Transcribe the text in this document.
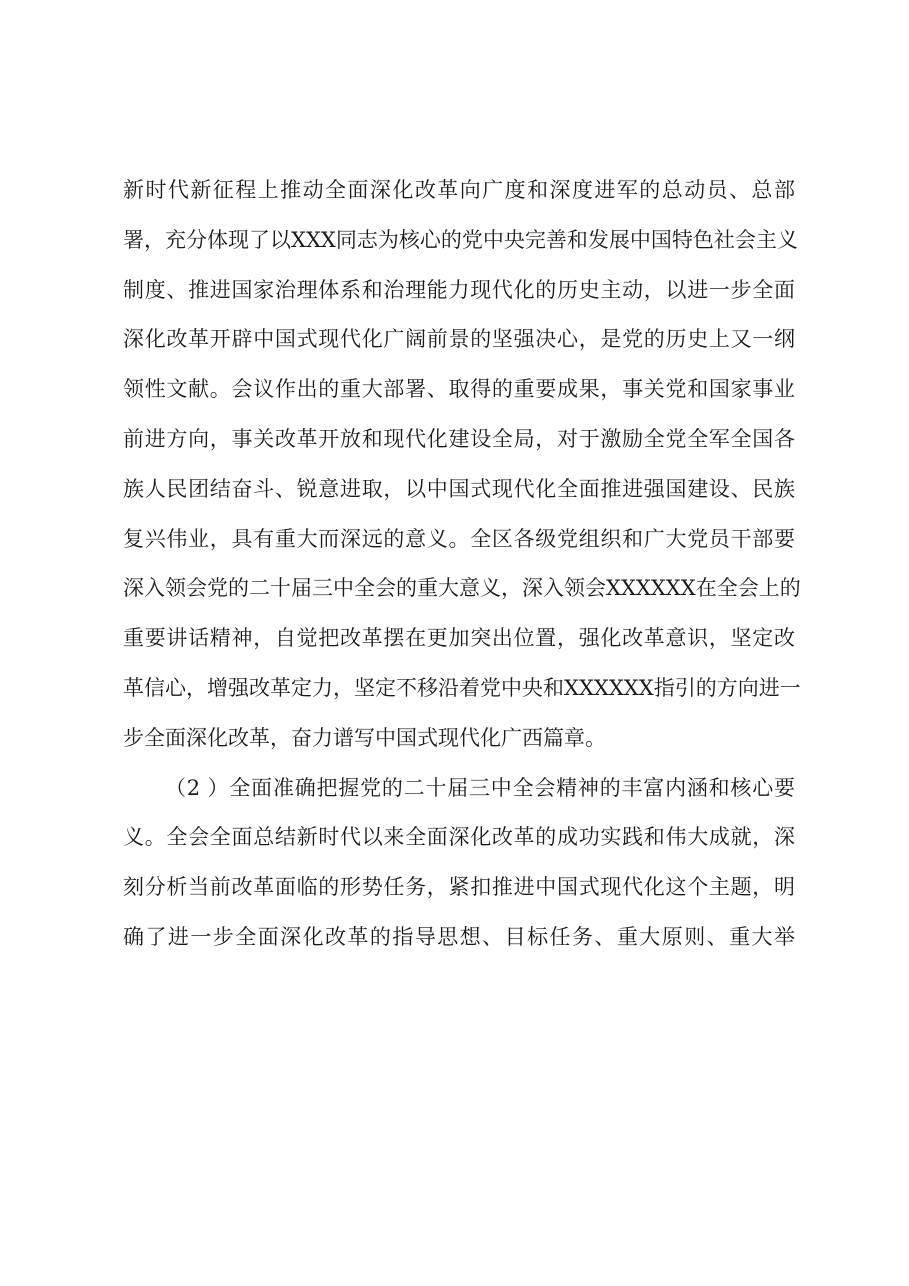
新时代新征程上推动全面深化改革向广度和深度进军的总动员、总部
署，充分体现了以XXX同志为核心的党中央完善和发展中国特色社会主义
制度、推进国家治理体系和治理能力现代化的历史主动，以进一步全面
深化改革开辟中国式现代化广阔前景的坚强决心，是党的历史上又一纲
领性文献。会议作出的重大部署、取得的重要成果，事关党和国家事业
前进方向，事关改革开放和现代化建设全局，对于激励全党全军全国各
族人民团结奋斗、锐意进取，以中国式现代化全面推进强国建设、民族
复兴伟业，具有重大而深远的意义。全区各级党组织和广大党员干部要
深入领会党的二十届三中全会的重大意义，深入领会XXXXXX在全会上的
重要讲话精神，自觉把改革摆在更加突出位置，强化改革意识，坚定改
革信心，增强改革定力，坚定不移沿着党中央和XXXXXX指引的方向进一
步全面深化改革，奋力谱写中国式现代化广西篇章。
（2 ）全面准确把握党的二十届三中全会精神的丰富内涵和核心要
义。全会全面总结新时代以来全面深化改革的成功实践和伟大成就，深
刻分析当前改革面临的形势任务，紧扣推进中国式现代化这个主题，明
确了进一步全面深化改革的指导思想、目标任务、重大原则、重大举
